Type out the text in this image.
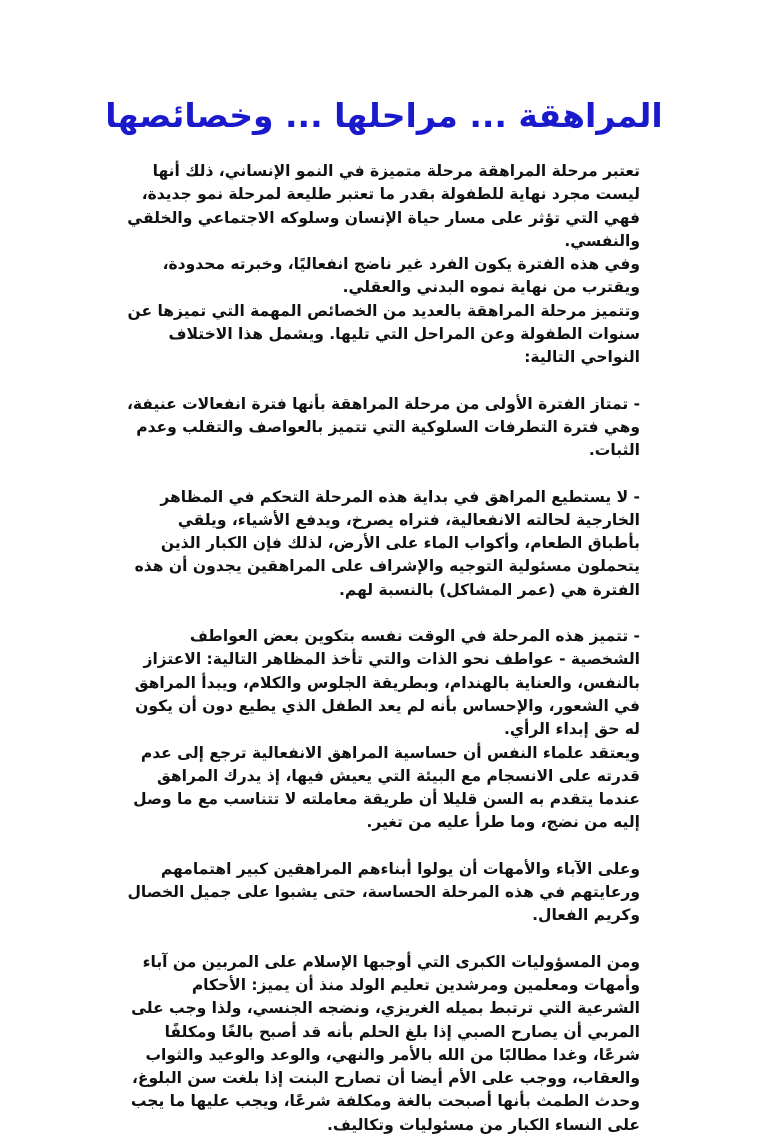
المراهقة ... مراحلها ... وخصائصها

تعتبر مرحلة المراهقة مرحلة متميزة في النمو الإنساني، ذلك أنها ليست مجرد نهاية للطفولة بقدر ما تعتبر طليعة لمرحلة نمو جديدة، فهي التي تؤثر على مسار حياة الإنسان وسلوكه الاجتماعي والخلقي والنفسي.

وفي هذه الفترة يكون الفرد غير ناضج انفعاليًا، وخبرته محدودة، ويقترب من نهاية نموه البدني والعقلي.

وتتميز مرحلة المراهقة بالعديد من الخصائص المهمة التي تميزها عن سنوات الطفولة وعن المراحل التي تليها. ويشمل هذا الاختلاف النواحي التالية:

- تمتاز الفترة الأولى من مرحلة المراهقة بأنها فترة انفعالات عنيفة، وهي فترة التطرفات السلوكية التي تتميز بالعواصف والتقلب وعدم الثبات.

- لا يستطيع المراهق في بداية هذه المرحلة التحكم في المظاهر الخارجية لحالته الانفعالية، فتراه يصرخ، ويدفع الأشياء، ويلقي بأطباق الطعام، وأكواب الماء على الأرض، لذلك فإن الكبار الذين يتحملون مسئولية التوجيه والإشراف على المراهقين يجدون أن هذه الفترة هي (عمر المشاكل) بالنسبة لهم.

- تتميز هذه المرحلة في الوقت نفسه بتكوين بعض العواطف الشخصية - عواطف نحو الذات والتي تأخذ المظاهر التالية: الاعتزاز بالنفس، والعناية بالهندام، وبطريقة الجلوس والكلام، ويبدأ المراهق في الشعور، والإحساس بأنه لم يعد الطفل الذي يطيع دون أن يكون له حق إبداء الرأي.

ويعتقد علماء النفس أن حساسية المراهق الانفعالية ترجع إلى عدم قدرته على الانسجام مع البيئة التي يعيش فيها، إذ يدرك المراهق عندما يتقدم به السن قليلا أن طريقة معاملته لا تتناسب مع ما وصل إليه من نضج، وما طرأ عليه من تغير.

وعلى الآباء والأمهات أن يولوا أبناءهم المراهقين كبير اهتمامهم ورعايتهم في هذه المرحلة الحساسة، حتى يشبوا على جميل الخصال وكريم الفعال.

ومن المسؤوليات الكبرى التي أوجبها الإسلام على المربين من آباء وأمهات ومعلمين ومرشدين تعليم الولد منذ أن يميز: الأحكام الشرعية التي ترتبط بميله الغريزي، ونضجه الجنسي، ولذا وجب على المربي أن يصارح الصبي إذا بلغ الحلم بأنه قد أصبح بالغًا ومكلفًا شرعًا، وغدا مطالبًا من الله بالأمر والنهي، والوعد والوعيد والثواب والعقاب، ووجب على الأم أيضا أن تصارح البنت إذا بلغت سن البلوغ، وحدث الطمث بأنها أصبحت بالغة ومكلفة شرعًا، ويجب عليها ما يجب على النساء الكبار من مسئوليات وتكاليف.
